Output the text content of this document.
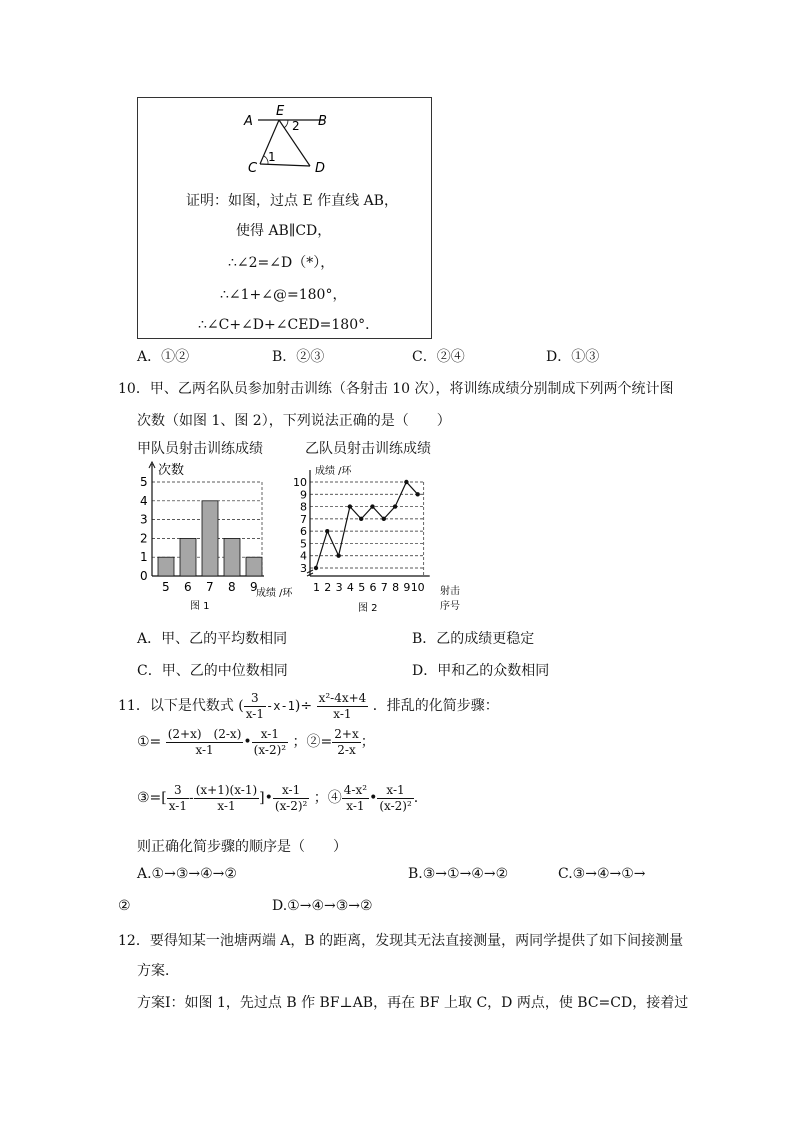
A
E
B
2
C
1
D
证明：如图，过点 E 作直线 AB，
使得 AB∥CD，
∴∠2=∠D（*），
∴∠1+∠@=180°，
∴∠C+∠D+∠CED=180°．
A．①②	B．②③	C．②④	D．①③
10．甲、乙两名队员参加射击训练（各射击 10 次），将训练成绩分别制成下列两个统计图
次数（如图 1、图 2），下列说法正确的是（　　）
甲队员射击训练成绩	乙队员射击训练成绩
0
1
2
3
4
5
5 6 7 8 9
次数
成绩 /环
图 1
3
4
5
6
7
8
9
10
1 2 3 4 5 6 7 8 9 10
成绩 /环
射击
序号
图 2
A．甲、乙的平均数相同	B．乙的成绩更稳定
C．甲、乙的中位数相同	D．甲和乙的众数相同
11．以下是代数式 ( $\frac{3}{x-1} -x-1)\div \frac{\text{x²-4x+4}}{x-1}$ ．排乱的化简步骤：
①= $\frac{(2+x) (2-x)}{x-1}$ • $\frac{x-1}{\text{(x-2)²}}$ ；②= $\frac{2+x}{2-x}$ ；
③=[ $\frac{3}{x-1} - \frac{(x+1)(x-1)}{x-1}$ ]• $\frac{x-1}{\text{(x-2)²}}$ ；④ $\frac{\text{4-x²}}{x-1}$ • $\frac{x-1}{\text{(x-2)²}}$ .
则正确化简步骤的顺序是（　　）
A.①→③→④→②	B.③→①→④→②	C.③→④→①→
②	D.①→④→③→②
12．要得知某一池塘两端 A，B 的距离，发现其无法直接测量，两同学提供了如下间接测量
方案．
方案Ⅰ：如图 1，先过点 B 作 BF⊥AB，再在 BF 上取 C，D 两点，使 BC=CD，接着过
